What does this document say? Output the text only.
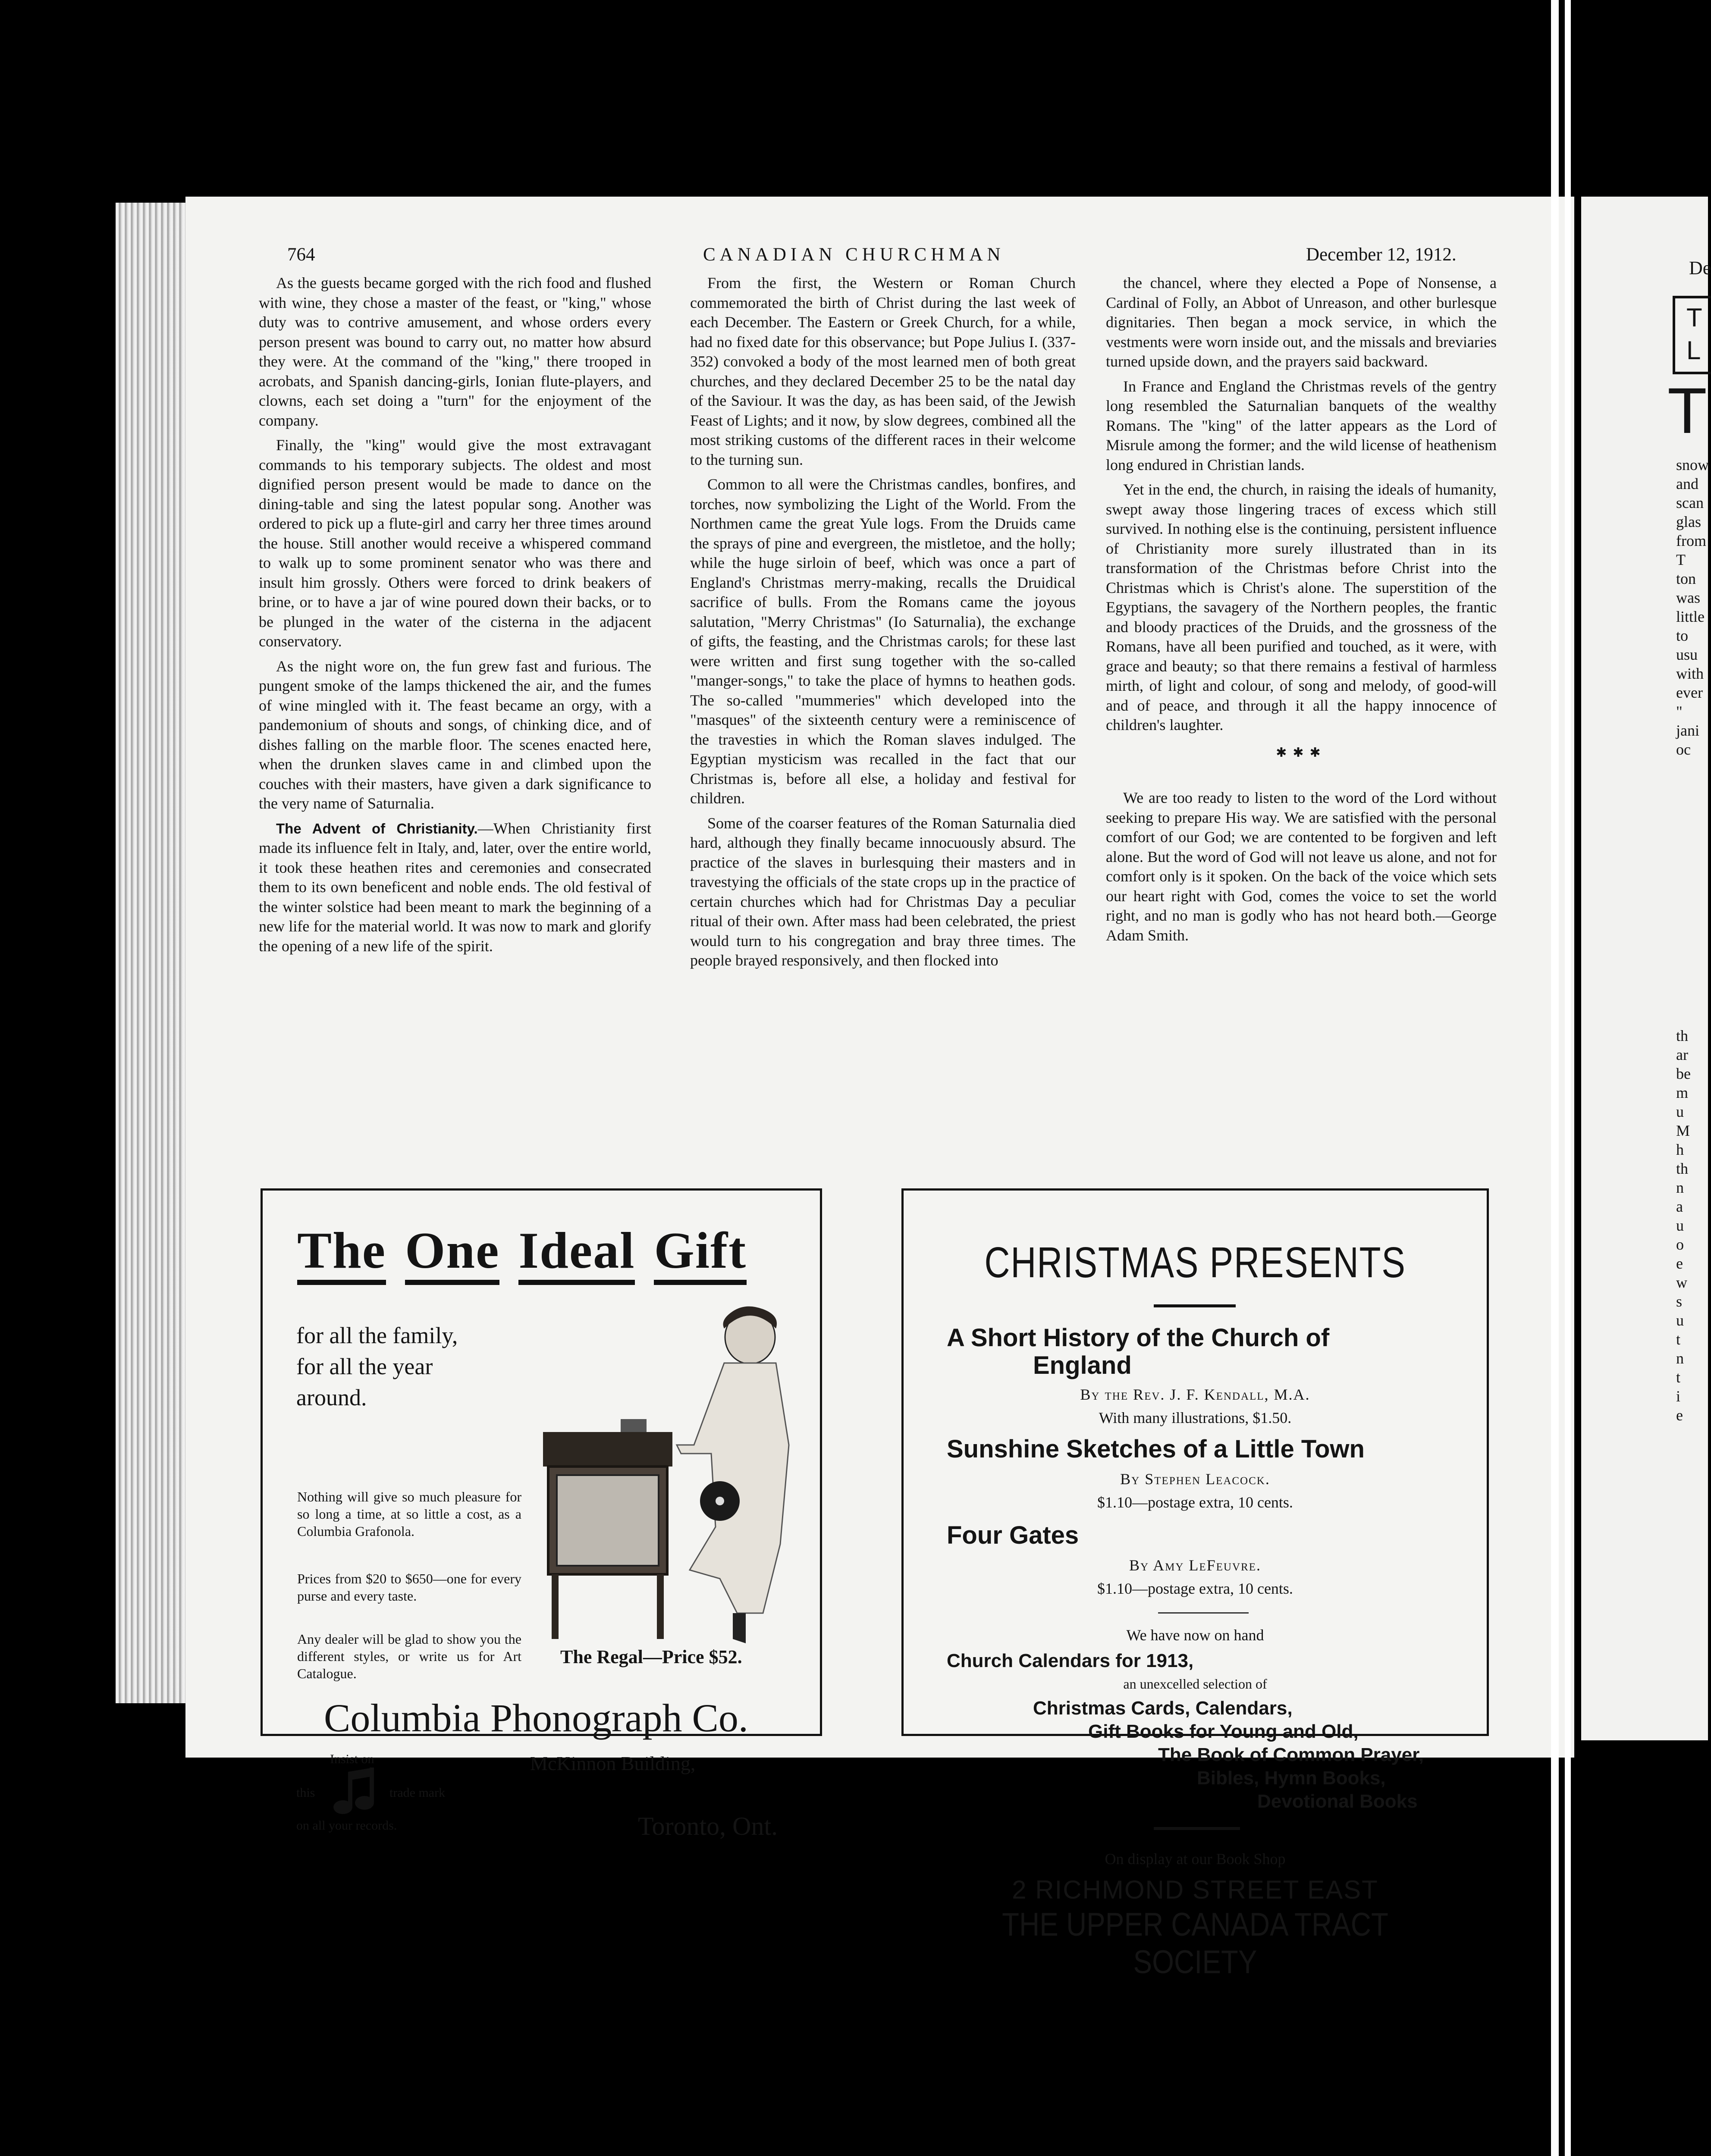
764	CANADIAN CHURCHMAN	December 12, 1912.

As the guests became gorged with the rich food and flushed with wine, they chose a master of the feast, or "king," whose duty was to contrive amusement, and whose orders every person present was bound to carry out, no matter how absurd they were. At the command of the "king," there trooped in acrobats, and Spanish dancing-girls, Ionian flute-players, and clowns, each set doing a "turn" for the enjoyment of the company.

Finally, the "king" would give the most extravagant commands to his temporary subjects. The oldest and most dignified person present would be made to dance on the dining-table and sing the latest popular song. Another was ordered to pick up a flute-girl and carry her three times around the house. Still another would receive a whispered command to walk up to some prominent senator who was there and insult him grossly. Others were forced to drink beakers of brine, or to have a jar of wine poured down their backs, or to be plunged in the water of the cisterna in the adjacent conservatory.

As the night wore on, the fun grew fast and furious. The pungent smoke of the lamps thickened the air, and the fumes of wine mingled with it. The feast became an orgy, with a pandemonium of shouts and songs, of chinking dice, and of dishes falling on the marble floor. The scenes enacted here, when the drunken slaves came in and climbed upon the couches with their masters, have given a dark significance to the very name of Saturnalia.

The Advent of Christianity.—When Christianity first made its influence felt in Italy, and, later, over the entire world, it took these heathen rites and ceremonies and consecrated them to its own beneficent and noble ends. The old festival of the winter solstice had been meant to mark the beginning of a new life for the material world. It was now to mark and glorify the opening of a new life of the spirit.

From the first, the Western or Roman Church commemorated the birth of Christ during the last week of each December. The Eastern or Greek Church, for a while, had no fixed date for this observance; but Pope Julius I. (337-352) convoked a body of the most learned men of both great churches, and they declared December 25 to be the natal day of the Saviour. It was the day, as has been said, of the Jewish Feast of Lights; and it now, by slow degrees, combined all the most striking customs of the different races in their welcome to the turning sun.

Common to all were the Christmas candles, bonfires, and torches, now symbolizing the Light of the World. From the Northmen came the great Yule logs. From the Druids came the sprays of pine and evergreen, the mistletoe, and the holly; while the huge sirloin of beef, which was once a part of England's Christmas merry-making, recalls the Druidical sacrifice of bulls. From the Romans came the joyous salutation, "Merry Christmas" (Io Saturnalia), the exchange of gifts, the feasting, and the Christmas carols; for these last were written and first sung together with the so-called "manger-songs," to take the place of hymns to heathen gods. The so-called "mummeries" which developed into the "masques" of the sixteenth century were a reminiscence of the travesties in which the Roman slaves indulged. The Egyptian mysticism was recalled in the fact that our Christmas is, before all else, a holiday and festival for children.

Some of the coarser features of the Roman Saturnalia died hard, although they finally became innocuously absurd. The practice of the slaves in burlesquing their masters and in travestying the officials of the state crops up in the practice of certain churches which had for Christmas Day a peculiar ritual of their own. After mass had been celebrated, the priest would turn to his congregation and bray three times. The people brayed responsively, and then flocked into

the chancel, where they elected a Pope of Nonsense, a Cardinal of Folly, an Abbot of Unreason, and other burlesque dignitaries. Then began a mock service, in which the vestments were worn inside out, and the missals and breviaries turned upside down, and the prayers said backward.

In France and England the Christmas revels of the gentry long resembled the Saturnalian banquets of the wealthy Romans. The "king" of the latter appears as the Lord of Misrule among the former; and the wild license of heathenism long endured in Christian lands.

Yet in the end, the church, in raising the ideals of humanity, swept away those lingering traces of excess which still survived. In nothing else is the continuing, persistent influence of Christianity more surely illustrated than in its transformation of the Christmas before Christ into the Christmas which is Christ's alone. The superstition of the Egyptians, the savagery of the Northern peoples, the frantic and bloody practices of the Druids, and the grossness of the Romans, have all been purified and touched, as it were, with grace and beauty; so that there remains a festival of harmless mirth, of light and colour, of song and melody, of good-will and of peace, and through it all the happy innocence of children's laughter.

✱✱✱

We are too ready to listen to the word of the Lord without seeking to prepare His way. We are satisfied with the personal comfort of our God; we are contented to be forgiven and left alone. But the word of God will not leave us alone, and not for comfort only is it spoken. On the back of the voice which sets our heart right with God, comes the voice to set the world right, and no man is godly who has not heard both.—George Adam Smith.

The One Ideal Gift
for all the family,
for all the year
around.
Nothing will give so much pleasure for so long a time, at so little a cost, as a Columbia Grafonola.
Prices from $20 to $650—one for every purse and every taste.
Any dealer will be glad to show you the different styles, or write us for Art Catalogue.
The Regal—Price $52.
Columbia Phonograph Co.
Insist on
this	trade mark
on all your records.
McKinnon Building,
Toronto, Ont.
CHRISTMAS PRESENTS
A Short History of the Church of
England
By the Rev. J. F. Kendall, M.A.
With many illustrations, $1.50.
Sunshine Sketches of a Little Town
By Stephen Leacock.
$1.10—postage extra, 10 cents.
Four Gates
By Amy LeFeuvre.
$1.10—postage extra, 10 cents.
We have now on hand
Church Calendars for 1913,
an unexcelled selection of
Christmas Cards, Calendars,
Gift Books for Young and Old,
The Book of Common Prayer,
Bibles, Hymn Books,
Devotional Books
On display at our Book Shop
2 RICHMOND STREET EAST
THE UPPER CANADA TRACT SOCIETY
De
T
L
T
snow
and
scan
glas
from
T
ton
was
little
to
usu
with
ever
"
jani
oc
th
ar
be
m
u
M
h
th
n
a
u
o
e
w
s
u
t
n
t
i
e
